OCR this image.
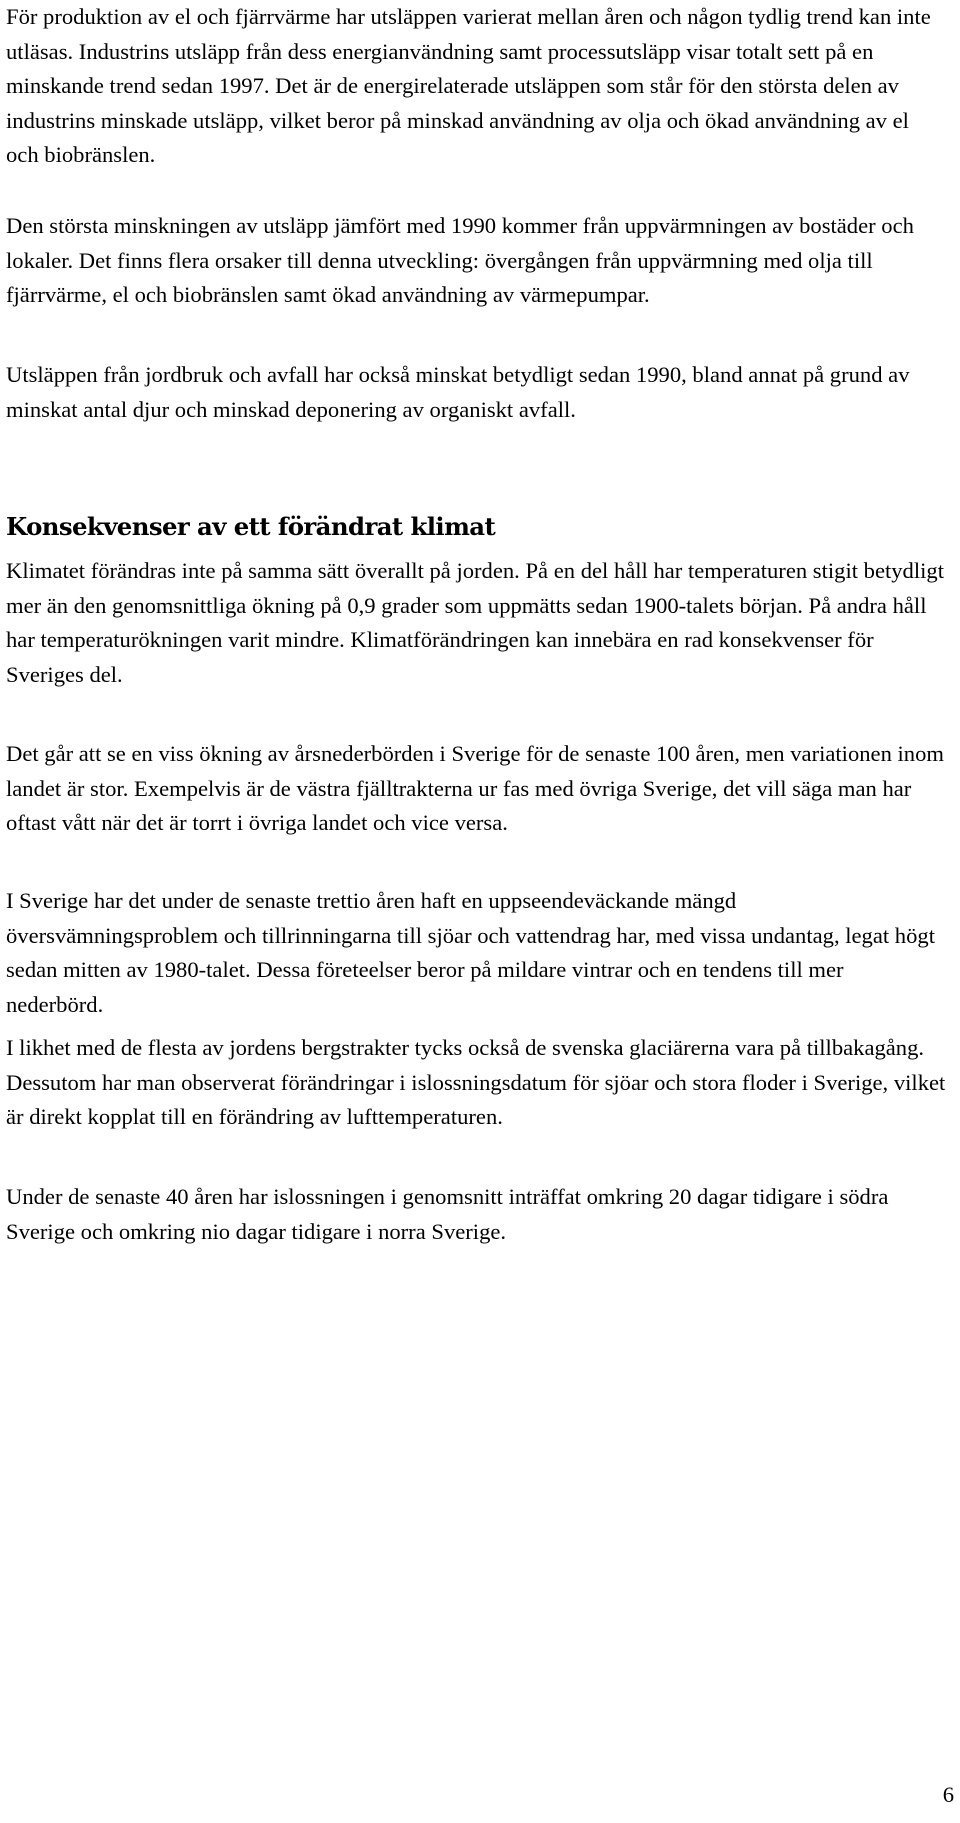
För produktion av el och fjärrvärme har utsläppen varierat mellan åren och någon tydlig trend kan inte utläsas. Industrins utsläpp från dess energianvändning samt processutsläpp visar totalt sett på en minskande trend sedan 1997. Det är de energirelaterade utsläppen som står för den största delen av industrins minskade utsläpp, vilket beror på minskad användning av olja och ökad användning av el och biobränslen.

Den största minskningen av utsläpp jämfört med 1990 kommer från uppvärmningen av bostäder och lokaler. Det finns flera orsaker till denna utveckling: övergången från uppvärmning med olja till fjärrvärme, el och biobränslen samt ökad användning av värmepumpar.

Utsläppen från jordbruk och avfall har också minskat betydligt sedan 1990, bland annat på grund av minskat antal djur och minskad deponering av organiskt avfall.

Konsekvenser av ett förändrat klimat

Klimatet förändras inte på samma sätt överallt på jorden. På en del håll har temperaturen stigit betydligt mer än den genomsnittliga ökning på 0,9 grader som uppmätts sedan 1900-talets början. På andra håll har temperaturökningen varit mindre. Klimatförändringen kan innebära en rad konsekvenser för Sveriges del.

Det går att se en viss ökning av årsnederbörden i Sverige för de senaste 100 åren, men variationen inom landet är stor. Exempelvis är de västra fjälltrakterna ur fas med övriga Sverige, det vill säga man har oftast vått när det är torrt i övriga landet och vice versa.

I Sverige har det under de senaste trettio åren haft en uppseendeväckande mängd översvämningsproblem och tillrinningarna till sjöar och vattendrag har, med vissa undantag, legat högt sedan mitten av 1980-talet. Dessa företeelser beror på mildare vintrar och en tendens till mer nederbörd.

I likhet med de flesta av jordens bergstrakter tycks också de svenska glaciärerna vara på tillbakagång. Dessutom har man observerat förändringar i islossningsdatum för sjöar och stora floder i Sverige, vilket är direkt kopplat till en förändring av lufttemperaturen.

Under de senaste 40 åren har islossningen i genomsnitt inträffat omkring 20 dagar tidigare i södra Sverige och omkring nio dagar tidigare i norra Sverige.

6
